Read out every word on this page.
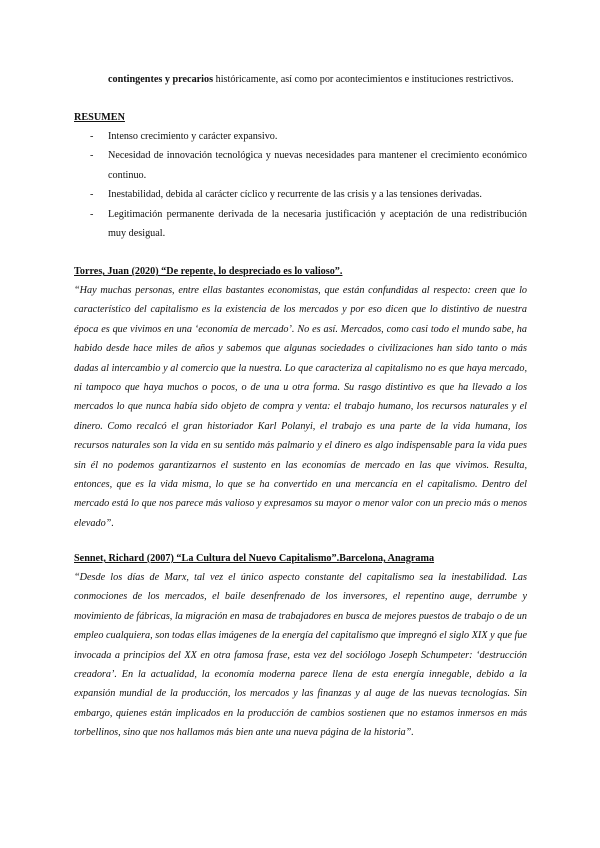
contingentes y precarios históricamente, así como por acontecimientos e instituciones restrictivos.
RESUMEN
- Intenso crecimiento y carácter expansivo.
- Necesidad de innovación tecnológica y nuevas necesidades para mantener el crecimiento económico continuo.
- Inestabilidad, debida al carácter cíclico y recurrente de las crisis y a las tensiones derivadas.
- Legitimación permanente derivada de la necesaria justificación y aceptación de una redistribución muy desigual.
Torres, Juan (2020) “De repente, lo despreciado es lo valioso”.
“Hay muchas personas, entre ellas bastantes economistas, que están confundidas al respecto: creen que lo característico del capitalismo es la existencia de los mercados y por eso dicen que lo distintivo de nuestra época es que vivimos en una ‘economía de mercado’. No es así. Mercados, como casi todo el mundo sabe, ha habido desde hace miles de años y sabemos que algunas sociedades o civilizaciones han sido tanto o más dadas al intercambio y al comercio que la nuestra. Lo que caracteriza al capitalismo no es que haya mercado, ni tampoco que haya muchos o pocos, o de una u otra forma. Su rasgo distintivo es que ha llevado a los mercados lo que nunca había sido objeto de compra y venta: el trabajo humano, los recursos naturales y el dinero. Como recalcó el gran historiador Karl Polanyi, el trabajo es una parte de la vida humana, los recursos naturales son la vida en su sentido más palmario y el dinero es algo indispensable para la vida pues sin él no podemos garantizarnos el sustento en las economías de mercado en las que vivimos. Resulta, entonces, que es la vida misma, lo que se ha convertido en una mercancía en el capitalismo. Dentro del mercado está lo que nos parece más valioso y expresamos su mayor o menor valor con un precio más o menos elevado”.
Sennet, Richard (2007) “La Cultura del Nuevo Capitalismo”.Barcelona, Anagrama
“Desde los días de Marx, tal vez el único aspecto constante del capitalismo sea la inestabilidad. Las conmociones de los mercados, el baile desenfrenado de los inversores, el repentino auge, derrumbe y movimiento de fábricas, la migración en masa de trabajadores en busca de mejores puestos de trabajo o de un empleo cualquiera, son todas ellas imágenes de la energía del capitalismo que impregnó el siglo XIX y que fue invocada a principios del XX en otra famosa frase, esta vez del sociólogo Joseph Schumpeter: ‘destrucción creadora’. En la actualidad, la economía moderna parece llena de esta energía innegable, debido a la expansión mundial de la producción, los mercados y las finanzas y al auge de las nuevas tecnologías. Sin embargo, quienes están implicados en la producción de cambios sostienen que no estamos inmersos en más torbellinos, sino que nos hallamos más bien ante una nueva página de la historia”.
